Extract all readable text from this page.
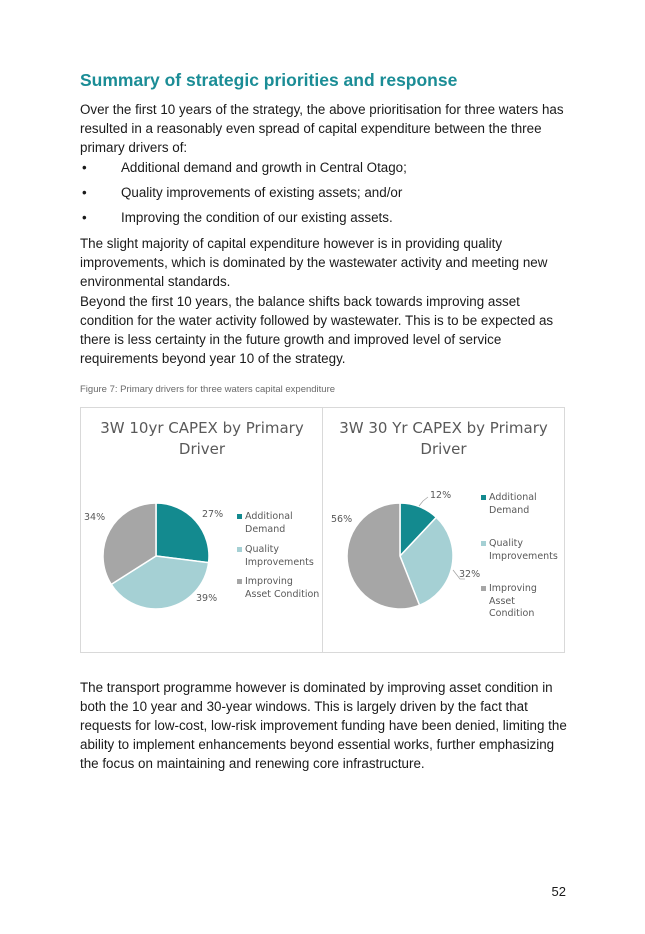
Summary of strategic priorities and response

Over the first 10 years of the strategy, the above prioritisation for three waters has resulted in a reasonably even spread of capital expenditure between the three primary drivers of:

•	Additional demand and growth in Central Otago;
•	Quality improvements of existing assets; and/or
•	Improving the condition of our existing assets.

The slight majority of capital expenditure however is in providing quality improvements, which is dominated by the wastewater activity and meeting new environmental standards.

Beyond the first 10 years, the balance shifts back towards improving asset condition for the water activity followed by wastewater. This is to be expected as there is less certainty in the future growth and improved level of service requirements beyond year 10 of the strategy.

Figure 7: Primary drivers for three waters capital expenditure
3W 10yr CAPEX by Primary Driver
27%
39%
34%	Additional Demand
Quality Improvements
Improving Asset Condition
3W 30 Yr CAPEX by Primary Driver
12%
32%
56%
Additional Demand
Quality Improvements
Improving Asset Condition

The transport programme however is dominated by improving asset condition in both the 10 year and 30-year windows. This is largely driven by the fact that requests for low-cost, low-risk improvement funding have been denied, limiting the ability to implement enhancements beyond essential works, further emphasizing the focus on maintaining and renewing core infrastructure.

52
